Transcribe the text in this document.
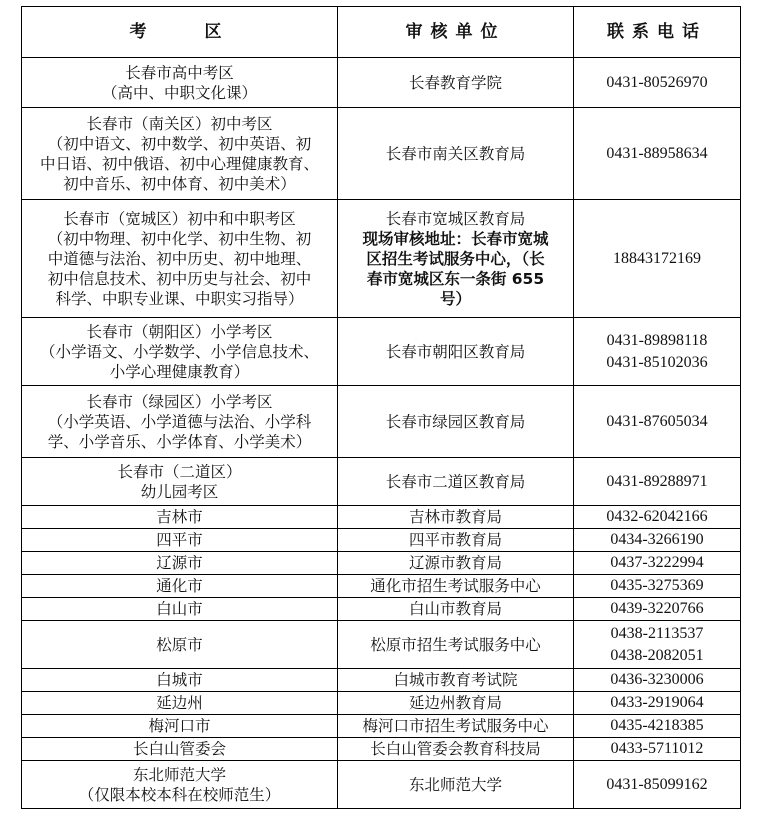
考　　区	审核单位	联系电话

长春市高中考区
（高中、中职文化课）	长春教育学院	0431-80526970

长春市（南关区）初中考区
（初中语文、初中数学、初中英语、初
中日语、初中俄语、初中心理健康教育、
初中音乐、初中体育、初中美术）	长春市南关区教育局	0431-88958634

长春市（宽城区）初中和中职考区
（初中物理、初中化学、初中生物、初
中道德与法治、初中历史、初中地理、
初中信息技术、初中历史与社会、初中
科学、中职专业课、中职实习指导）	长春市宽城区教育局
现场审核地址：长春市宽城
区招生考试服务中心，（长
春市宽城区东一条街 655
号）	18843172169

长春市（朝阳区）小学考区
（小学语文、小学数学、小学信息技术、
小学心理健康教育）	长春市朝阳区教育局	0431-89898118
0431-85102036

长春市（绿园区）小学考区
（小学英语、小学道德与法治、小学科
学、小学音乐、小学体育、小学美术）	长春市绿园区教育局	0431-87605034

长春市（二道区）
幼儿园考区	长春市二道区教育局	0431-89288971

吉林市	吉林市教育局	0432-62042166

四平市	四平市教育局	0434-3266190

辽源市	辽源市教育局	0437-3222994

通化市	通化市招生考试服务中心	0435-3275369

白山市	白山市教育局	0439-3220766

松原市	松原市招生考试服务中心	0438-2113537
0438-2082051

白城市	白城市教育考试院	0436-3230006

延边州	延边州教育局	0433-2919064

梅河口市	梅河口市招生考试服务中心	0435-4218385

长白山管委会	长白山管委会教育科技局	0433-5711012

东北师范大学
（仅限本校本科在校师范生）	东北师范大学	0431-85099162
